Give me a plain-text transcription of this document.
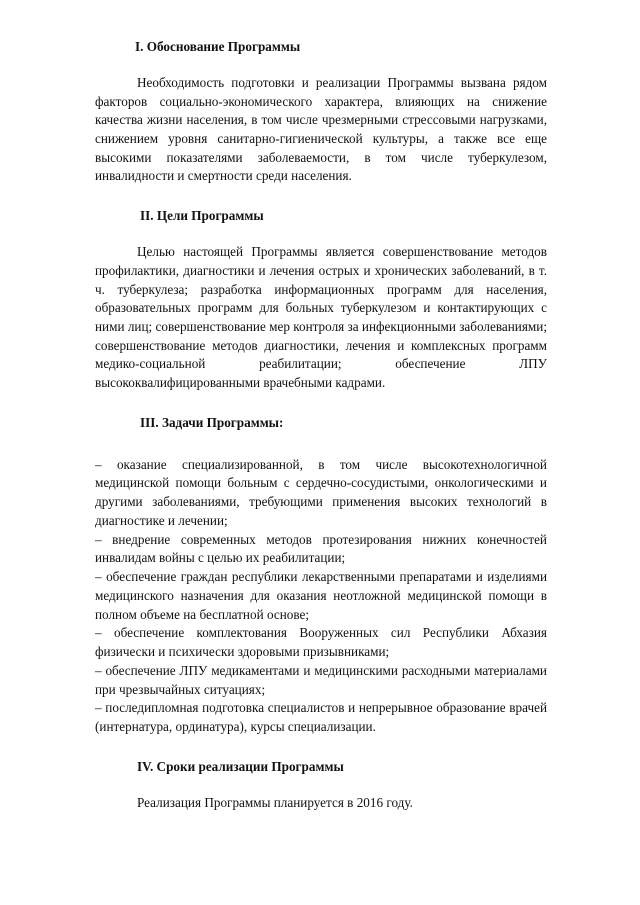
I. Обоснование Программы

Необходимость подготовки и реализации Программы вызвана рядом факторов социально-экономического характера, влияющих на снижение качества жизни населения, в том числе чрезмерными стрессовыми нагрузками, снижением уровня санитарно-гигиенической культуры, а также все еще высокими показателями заболеваемости, в том числе туберкулезом, инвалидности и смертности среди населения.

II. Цели Программы

Целью настоящей Программы является совершенствование методов профилактики, диагностики и лечения острых и хронических заболеваний, в т. ч. туберкулеза; разработка информационных программ для населения, образовательных программ для больных туберкулезом и контактирующих с ними лиц; совершенствование мер контроля за инфекционными заболеваниями; совершенствование методов диагностики, лечения и комплексных программ медико-социальной реабилитации; обеспечение ЛПУ высококвалифицированными врачебными кадрами.

III. Задачи Программы:

– оказание специализированной, в том числе высокотехнологичной медицинской помощи больным с сердечно-сосудистыми, онкологическими и другими заболеваниями, требующими применения высоких технологий в диагностике и лечении;

– внедрение современных методов протезирования нижних конечностей инвалидам войны с целью их реабилитации;

– обеспечение граждан республики лекарственными препаратами и изделиями медицинского назначения для оказания неотложной медицинской помощи в полном объеме на бесплатной основе;

– обеспечение комплектования Вооруженных сил Республики Абхазия физически и психически здоровыми призывниками;

– обеспечение ЛПУ медикаментами и медицинскими расходными материалами при чрезвычайных ситуациях;

– последипломная подготовка специалистов и непрерывное образование врачей (интернатура, ординатура), курсы специализации.

IV. Сроки реализации Программы

Реализация Программы планируется в 2016 году.
